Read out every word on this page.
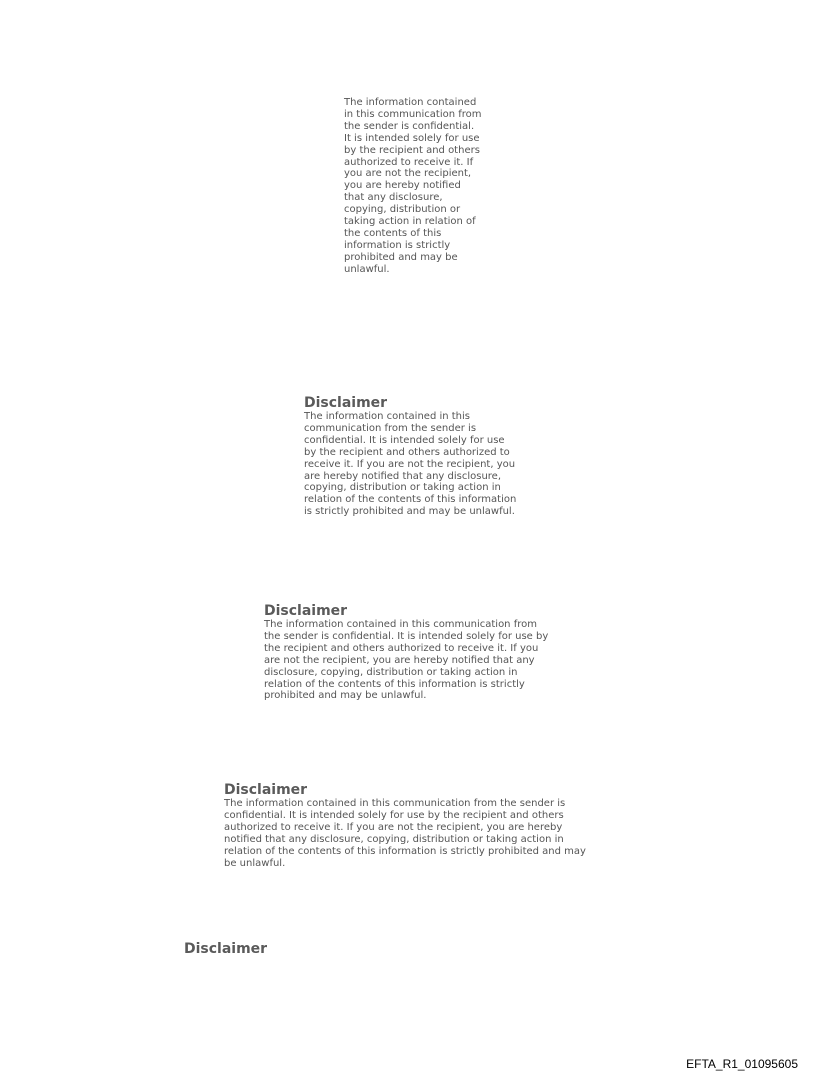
The information contained in this communication from the sender is confidential. It is intended solely for use by the recipient and others authorized to receive it. If you are not the recipient, you are hereby notified that any disclosure, copying, distribution or taking action in relation of the contents of this information is strictly prohibited and may be unlawful.

Disclaimer

The information contained in this communication from the sender is confidential. It is intended solely for use by the recipient and others authorized to receive it. If you are not the recipient, you are hereby notified that any disclosure, copying, distribution or taking action in relation of the contents of this information is strictly prohibited and may be unlawful.

Disclaimer

The information contained in this communication from the sender is confidential. It is intended solely for use by the recipient and others authorized to receive it. If you are not the recipient, you are hereby notified that any disclosure, copying, distribution or taking action in relation of the contents of this information is strictly prohibited and may be unlawful.

Disclaimer

The information contained in this communication from the sender is confidential. It is intended solely for use by the recipient and others authorized to receive it. If you are not the recipient, you are hereby notified that any disclosure, copying, distribution or taking action in relation of the contents of this information is strictly prohibited and may be unlawful.

Disclaimer
EFTA_R1_01095605
